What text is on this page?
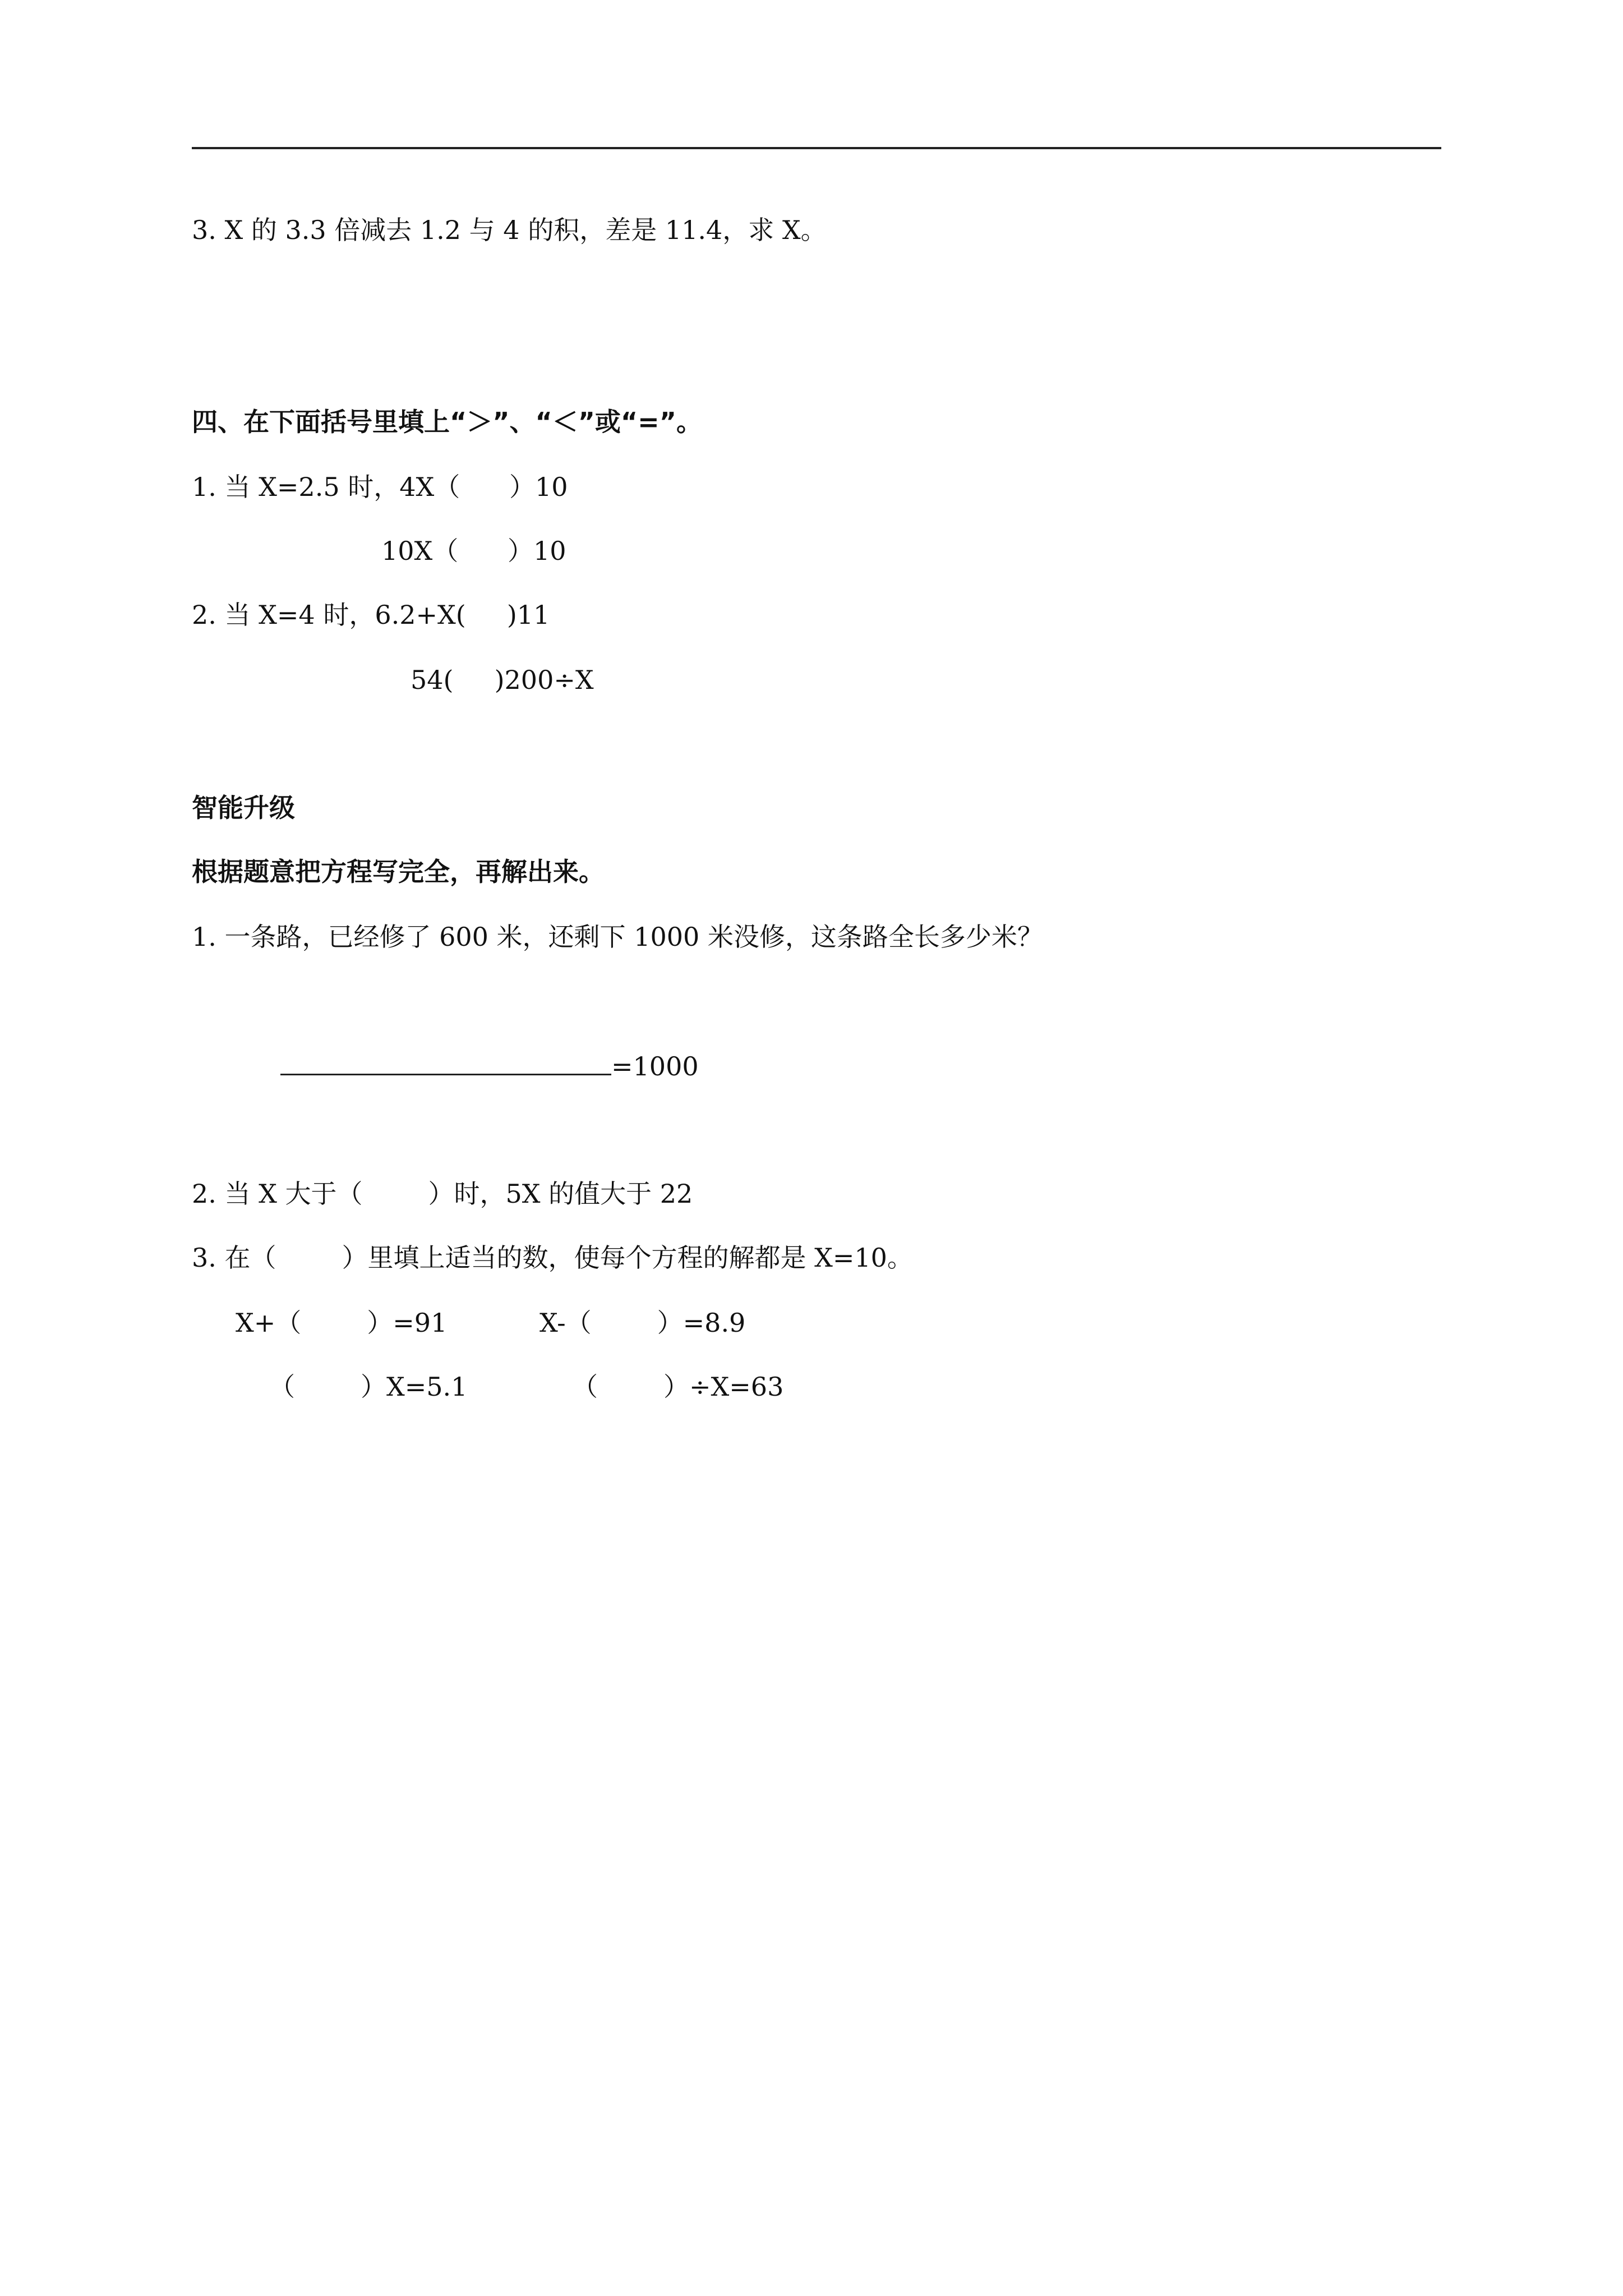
3. X 的 3.3 倍减去 1.2 与 4 的积，差是 11.4，求 X。
四、在下面括号里填上“＞”、“＜”或“=”。
1. 当 X=2.5 时，4X（      ）10
10X（      ）10
2. 当 X=4 时，6.2+X(     )11
54(     )200÷X
智能升级
根据题意把方程写完全，再解出来。
1. 一条路，已经修了 600 米，还剩下 1000 米没修，这条路全长多少米？
=1000
2. 当 X 大于（        ）时，5X 的值大于 22
3. 在（        ）里填上适当的数，使每个方程的解都是 X=10。
X+（        ）=91	X-（        ）=8.9
（        ）X=5.1	（        ）÷X=63
